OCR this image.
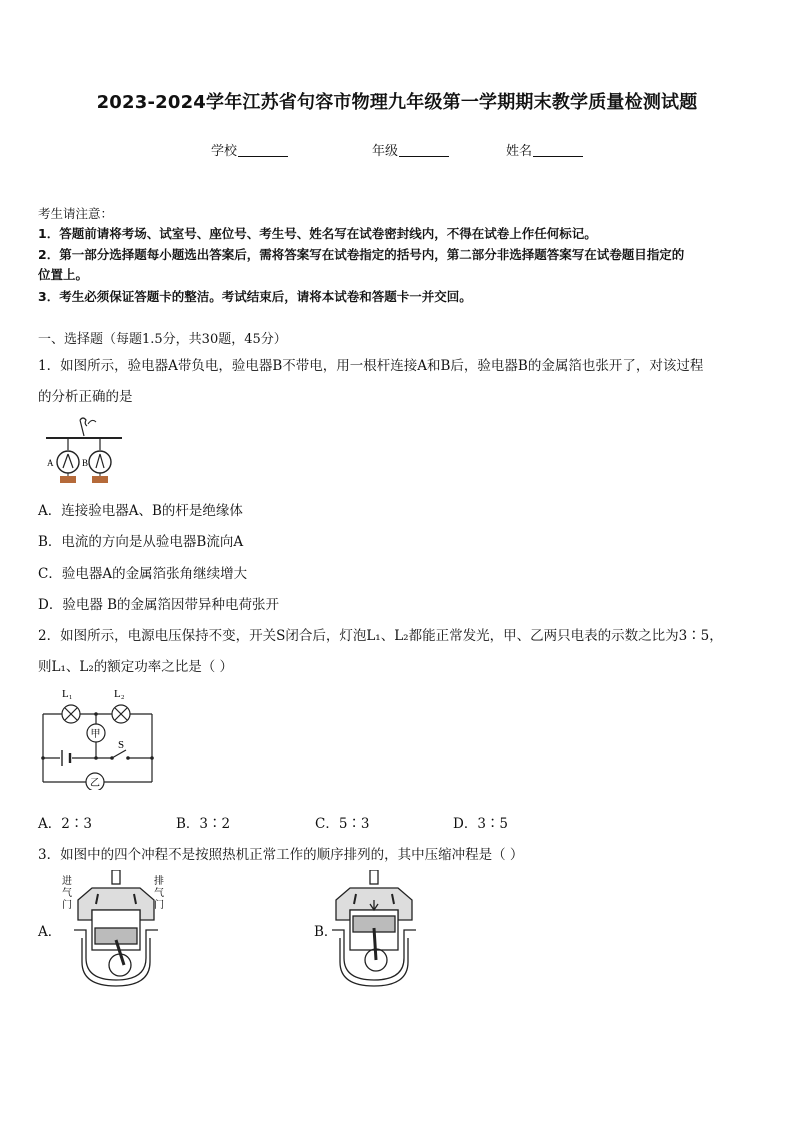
2023-2024学年江苏省句容市物理九年级第一学期期末教学质量检测试题
学校	年级	姓名
考生请注意：
1．答题前请将考场、试室号、座位号、考生号、姓名写在试卷密封线内，不得在试卷上作任何标记。
2．第一部分选择题每小题选出答案后，需将答案写在试卷指定的括号内，第二部分非选择题答案写在试卷题目指定的
位置上。
3．考生必须保证答题卡的整洁。考试结束后，请将本试卷和答题卡一并交回。
一、选择题（每题1.5分，共30题，45分）
1．如图所示，验电器A带负电，验电器B不带电，用一根杆连接A和B后，验电器B的金属箔也张开了，对该过程
的分析正确的是
A	B
A．连接验电器A、B的杆是绝缘体
B．电流的方向是从验电器B流向A
C．验电器A的金属箔张角继续增大
D．验电器 B的金属箔因带异种电荷张开
2．如图所示，电源电压保持不变，开关S闭合后，灯泡L₁、L₂都能正常发光，甲、乙两只电表的示数之比为3∶5，
则L₁、L₂的额定功率之比是（ ）
L₁	L₂
甲
S
乙
A．2∶3	B．3∶2	C．5∶3	D．3∶5
3．如图中的四个冲程不是按照热机正常工作的顺序排列的，其中压缩冲程是（ ）
A．
进气门
排气门
B．
